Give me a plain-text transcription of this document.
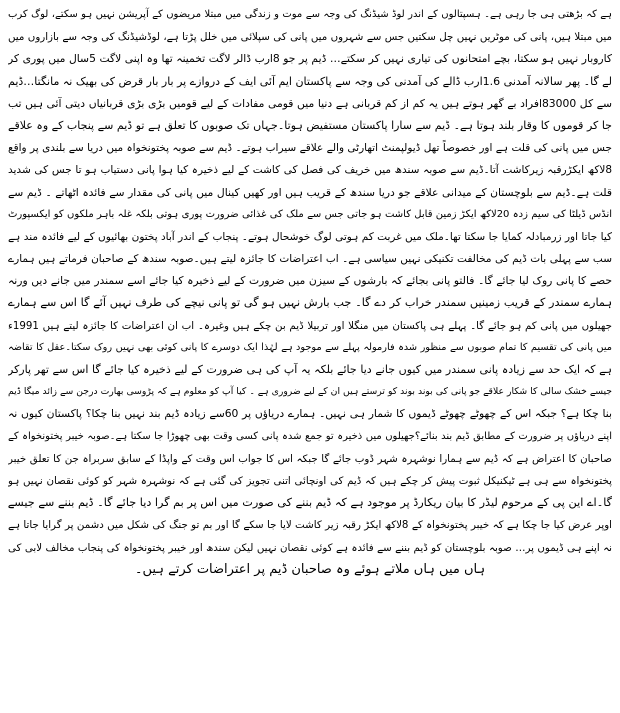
ہے کہ بڑھتی ہی جا رہی ہے۔ ہسپتالوں کے اندر لوڈ شیڈنگ کی وجہ سے موت و زندگی میں مبتلا مریضوں کے آپریشن نہیں ہو سکتے، لوگ کرب
میں مبتلا ہیں، پانی کی موٹریں نہیں چل سکتیں جس سے شہروں میں پانی کی سپلائی میں خلل پڑتا ہے، لوڈشیڈنگ کی وجہ سے بازاروں میں
کاروبار نہیں ہو سکتا، بچے امتحانوں کی تیاری نہیں کر سکتے… ڈیم پر جو 8ارب ڈالر لاگت تخمینہ تھا وہ اپنی لاگت 5سال میں پوری کر
لے گا۔ پھر سالانہ آمدنی 1.6ارب ڈالے کی آمدنی کی وجہ سے پاکستان ایم آئی ایف کے دروازے پر بار بار قرض کی بھیک نہ مانگتا…ڈیم
سے کل 83000افراد بے گھر ہوتے ہیں یہ کم از کم قربانی ہے دنیا میں قومی مفادات کے لیے قومیں بڑی بڑی قربانیاں دیتی آئی ہیں تب
جا کر قوموں کا وقار بلند ہوتا ہے۔ ڈیم سے سارا پاکستان مستفیض ہوتا۔جہاں تک صوبوں کا تعلق ہے تو ڈیم سے پنجاب کے وہ علاقے
جس میں پانی کی قلت ہے اور خصوصاً تھل ڈیولپمنٹ اتھارٹی والے علاقے سیراب ہوتے۔ ڈیم سے صوبہ پختونخواہ میں دریا سے بلندی پر واقع
8لاکھ ایکڑرقبہ زیرکاشت آتا۔ڈیم سے صوبہ سندھ میں خریف کی فصل کی کاشت کے لیے ذخیرہ کیا ہوا پانی دستیاب ہو تا جس کی شدید
قلت ہے۔ڈیم سے بلوچستان کے میدانی علاقے جو دریا سندھ کے قریب ہیں اور کھیں کینال میں پانی کی مقدار سے فائدہ اٹھاتے ۔ ڈیم سے
انڈس ڈیلٹا کی سیم زدہ 20لاکھ ایکڑ زمین قابل کاشت ہو جاتی جس سے ملک کی غذائی ضرورت پوری ہوتی بلکہ غلہ باہر ملکوں کو ایکسپورٹ
کیا جاتا اور زرمبادلہ کمایا جا سکتا تھا۔ملک میں غربت کم ہوتی لوگ خوشحال ہوتے۔ پنجاب کے اندر آباد پختون بھائیوں کے لیے فائدہ مند ہے
سب سے پہلی بات ڈیم کی مخالفت تکنیکی نہیں سیاسی ہے۔ اب اعتراضات کا جائزہ لیتے ہیں۔صوبہ سندھ کے صاحبان فرماتے ہیں ہمارے
حصے کا پانی روک لیا جائے گا۔ فالتو پانی بجائے کہ بارشوں کے سیزن میں ضرورت کے لیے ذخیرہ کیا جائے اسے سمندر میں جانے دیں ورنہ
ہمارے سمندر کے قریب زمینیں سمندر خراب کر دے گا۔ جب بارش نہیں ہو گی تو پانی نیچے کی طرف نہیں آئے گا اس سے ہمارے
جھیلوں میں پانی کم ہو جائے گا۔ پہلے ہی پاکستان میں منگلا اور تربیلا ڈیم بن چکے ہیں وغیرہ۔ اب ان اعتراضات کا جائزہ لیتے ہیں 1991ء
میں پانی کی تقسیم کا تمام صوبوں سے منظور شدہ فارمولہ پہلے سے موجود ہے لہٰذا ایک دوسرے کا پانی کوئی بھی نہیں روک سکتا۔عقل کا تقاضہ
ہے کہ ایک حد سے زیادہ پانی سمندر میں کیوں جانے دیا جائے بلکہ یہ آپ کی ہی ضرورت کے لیے ذخیرہ کیا جائے گا اس سے تھر پارکر
جیسے خشک سالی کا شکار علاقے جو پانی کی بوند بوند کو ترستے ہیں ان کے لیے ضروری ہے ۔ کیا آپ کو معلوم ہے کہ پڑوسی بھارت درجن سے زائد میگا ڈیم
بنا چکا ہے؟ جبکہ اس کے چھوٹے چھوٹے ڈیموں کا شمار ہی نہیں۔ ہمارے دریاؤں پر 60سے زیادہ ڈیم بند نہیں بنا چکا؟ پاکستان کیوں نہ
اپنے دریاؤں پر ضرورت کے مطابق ڈیم بند بنائے؟جھیلوں میں ذخیرہ تو جمع شدہ پانی کسی وقت بھی چھوڑا جا سکتا ہے۔صوبہ خیبر پختونخواہ کے
صاحبان کا اعتراض ہے کہ ڈیم سے ہمارا نوشہرہ شہر ڈوب جائے گا جبکہ اس کا جواب اس وقت کے واپڈا کے سابق سربراہ جن کا تعلق خیبر
پختونخواہ سے ہی ہے ٹیکنیکل ثبوت پیش کر چکے ہیں کہ ڈیم کی اونچائی اتنی تجویز کی گئی ہے کہ نوشہرہ شہر کو کوئی نقصان نہیں ہو
گا۔اے این پی کے مرحوم لیڈر کا بیان ریکارڈ پر موجود ہے کہ ڈیم بننے کی صورت میں اس پر بم گرا دیا جائے گا۔ ڈیم بننے سے جیسے
اوپر عرض کیا جا چکا ہے کہ خیبر پختونخواہ کے 8لاکھ ایکڑ رقبہ زیر کاشت لایا جا سکے گا اور بم تو جنگ کی شکل میں دشمن پر گرایا جاتا ہے
نہ اپنے ہی ڈیموں پر… صوبہ بلوچستان کو ڈیم بننے سے فائدہ ہے کوئی نقصان نہیں لیکن سندھ اور خیبر پختونخواہ کی پنجاب مخالف لابی کی
ہاں میں ہاں ملاتے ہوئے وہ صاحبان ڈیم پر اعتراضات کرتے ہیں۔
